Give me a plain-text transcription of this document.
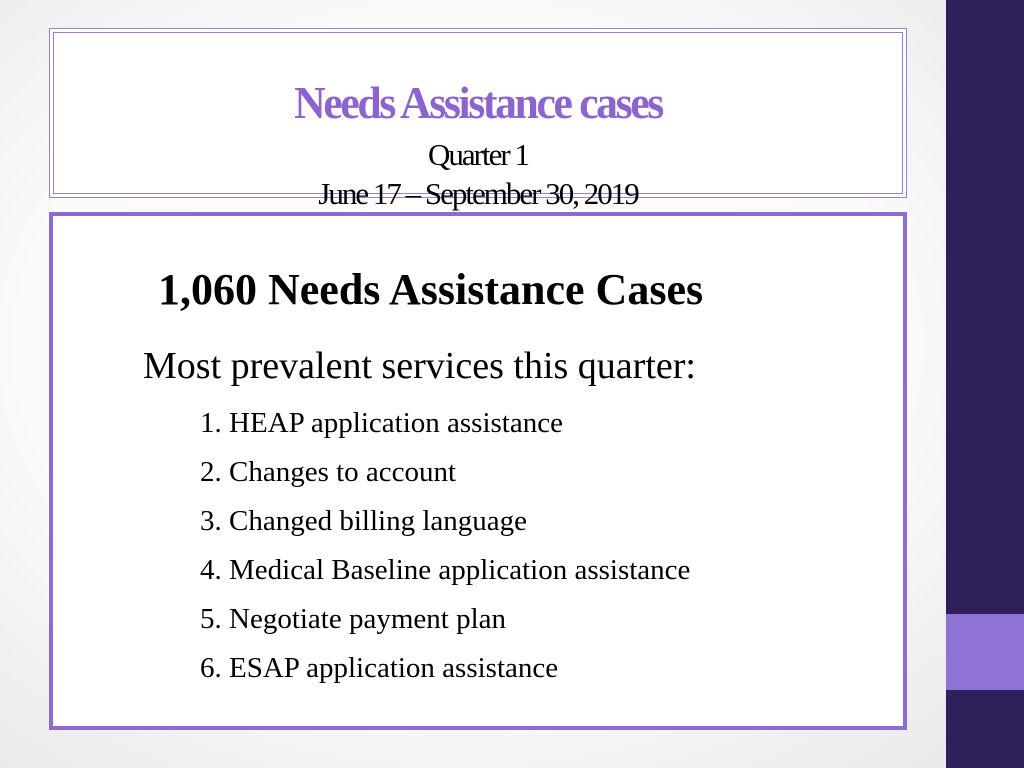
Needs Assistance cases
Quarter 1
June 17 – September 30, 2019
1,060 Needs Assistance Cases
Most prevalent services this quarter:
1. HEAP application assistance
2. Changes to account
3. Changed billing language
4. Medical Baseline application assistance
5. Negotiate payment plan
6. ESAP application assistance
